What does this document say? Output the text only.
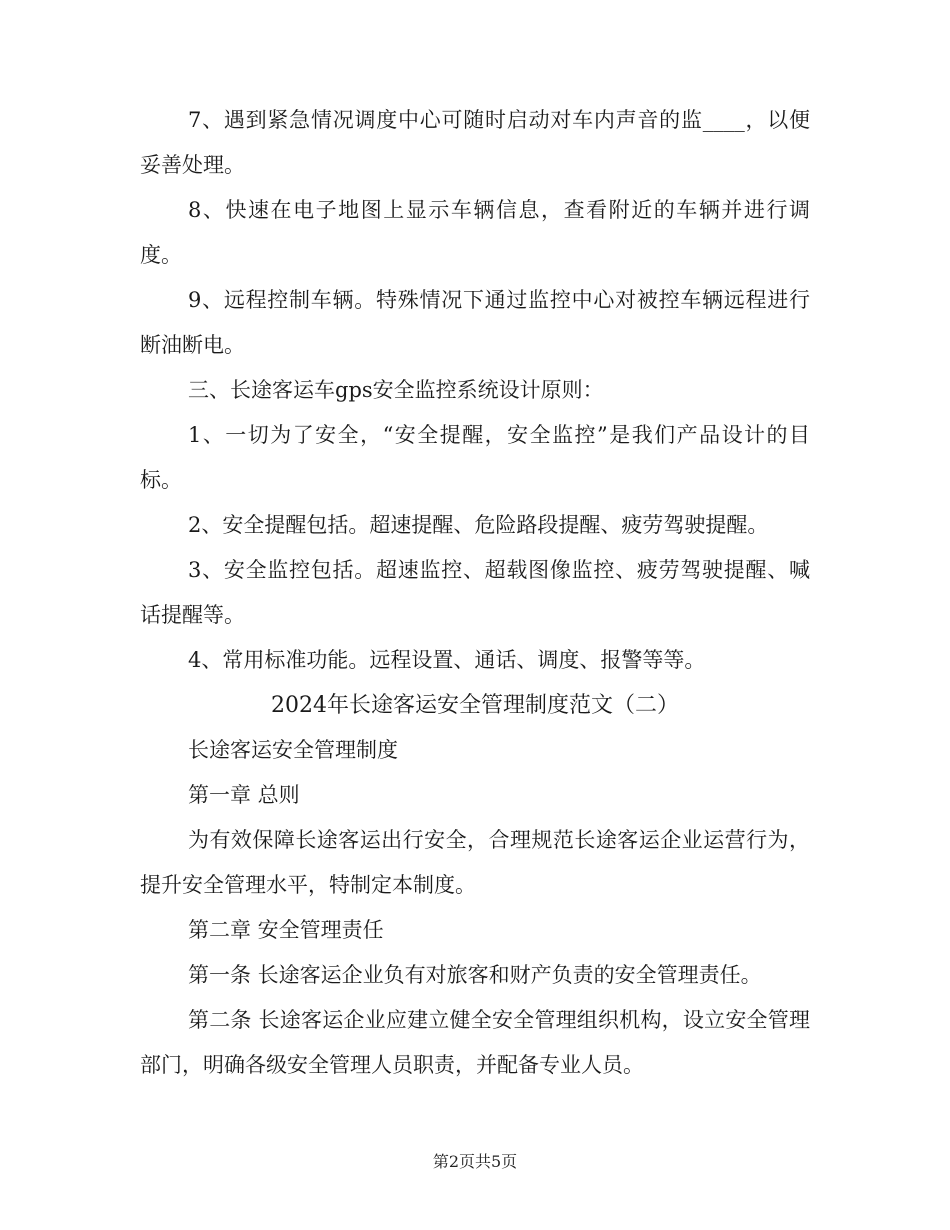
7、遇到紧急情况调度中心可随时启动对车内声音的监____，以便妥善处理。

8、快速在电子地图上显示车辆信息，查看附近的车辆并进行调度。

9、远程控制车辆。特殊情况下通过监控中心对被控车辆远程进行断油断电。

三、长途客运车gps安全监控系统设计原则：

1、一切为了安全，“安全提醒，安全监控”是我们产品设计的目标。

2、安全提醒包括。超速提醒、危险路段提醒、疲劳驾驶提醒。

3、安全监控包括。超速监控、超载图像监控、疲劳驾驶提醒、喊话提醒等。

4、常用标准功能。远程设置、通话、调度、报警等等。

2024年长途客运安全管理制度范文（二）

长途客运安全管理制度

第一章 总则

为有效保障长途客运出行安全，合理规范长途客运企业运营行为，提升安全管理水平，特制定本制度。

第二章 安全管理责任

第一条 长途客运企业负有对旅客和财产负责的安全管理责任。

第二条 长途客运企业应建立健全安全管理组织机构，设立安全管理部门，明确各级安全管理人员职责，并配备专业人员。

第2页共5页
